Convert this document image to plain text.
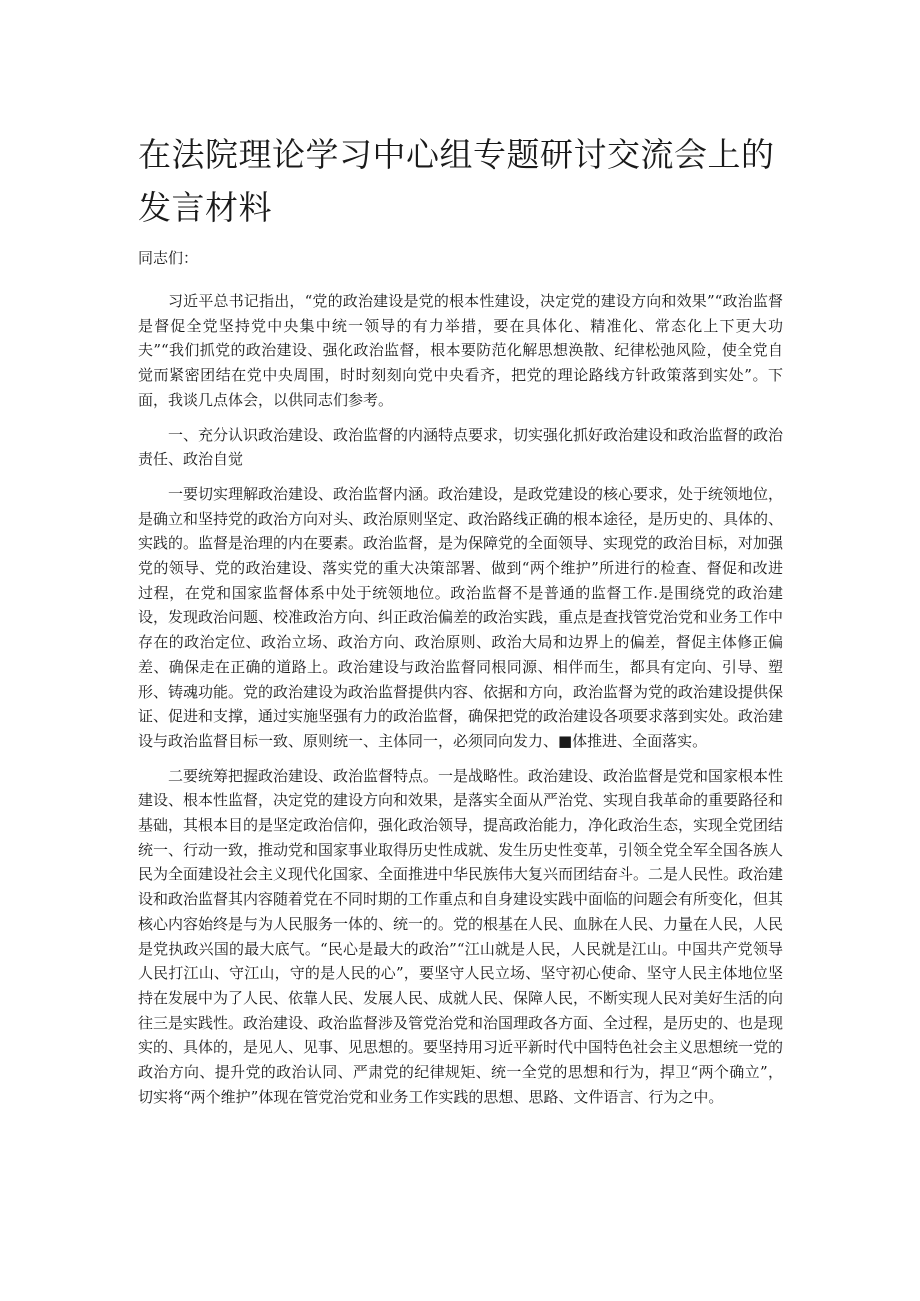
在法院理论学习中心组专题研讨交流会上的发言材料

同志们：

习近平总书记指出，“党的政治建设是党的根本性建设，决定党的建设方向和效果”“政治监督是督促全党坚持党中央集中统一领导的有力举措，要在具体化、精准化、常态化上下更大功夫”“我们抓党的政治建设、强化政治监督，根本要防范化解思想涣散、纪律松弛风险，使全党自觉而紧密团结在党中央周围，时时刻刻向党中央看齐，把党的理论路线方针政策落到实处”。下面，我谈几点体会，以供同志们参考。

一、充分认识政治建设、政治监督的内涵特点要求，切实强化抓好政治建设和政治监督的政治责任、政治自觉

一要切实理解政治建设、政治监督内涵。政治建设，是政党建设的核心要求，处于统领地位，是确立和坚持党的政治方向对头、政治原则坚定、政治路线正确的根本途径，是历史的、具体的、实践的。监督是治理的内在要素。政治监督，是为保障党的全面领导、实现党的政治目标，对加强党的领导、党的政治建设、落实党的重大决策部署、做到“两个维护”所进行的检查、督促和改进过程，在党和国家监督体系中处于统领地位。政治监督不是普通的监督工作.是围绕党的政治建设，发现政治问题、校准政治方向、纠正政治偏差的政治实践，重点是查找管党治党和业务工作中存在的政治定位、政治立场、政治方向、政治原则、政治大局和边界上的偏差，督促主体修正偏差、确保走在正确的道路上。政治建设与政治监督同根同源、相伴而生，都具有定向、引导、塑形、铸魂功能。党的政治建设为政治监督提供内容、依据和方向，政治监督为党的政治建设提供保证、促进和支撑，通过实施坚强有力的政治监督，确保把党的政治建设各项要求落到实处。政治建设与政治监督目标一致、原则统一、主体同一，必须同向发力、■体推进、全面落实。

二要统筹把握政治建设、政治监督特点。一是战略性。政治建设、政治监督是党和国家根本性建设、根本性监督，决定党的建设方向和效果，是落实全面从严治党、实现自我革命的重要路径和基础，其根本目的是坚定政治信仰，强化政治领导，提高政治能力，净化政治生态，实现全党团结统一、行动一致，推动党和国家事业取得历史性成就、发生历史性变革，引领全党全军全国各族人民为全面建设社会主义现代化国家、全面推进中华民族伟大复兴而团结奋斗。二是人民性。政治建设和政治监督其内容随着党在不同时期的工作重点和自身建设实践中面临的问题会有所变化，但其核心内容始终是与为人民服务一体的、统一的。党的根基在人民、血脉在人民、力量在人民，人民是党执政兴国的最大底气。“民心是最大的政治”“江山就是人民，人民就是江山。中国共产党领导人民打江山、守江山，守的是人民的心”，要坚守人民立场、坚守初心使命、坚守人民主体地位坚持在发展中为了人民、依靠人民、发展人民、成就人民、保障人民，不断实现人民对美好生活的向往三是实践性。政治建设、政治监督涉及管党治党和治国理政各方面、全过程，是历史的、也是现实的、具体的，是见人、见事、见思想的。要坚持用习近平新时代中国特色社会主义思想统一党的政治方向、提升党的政治认同、严肃党的纪律规矩、统一全党的思想和行为，捍卫“两个确立”，切实将“两个维护”体现在管党治党和业务工作实践的思想、思路、文件语言、行为之中。
